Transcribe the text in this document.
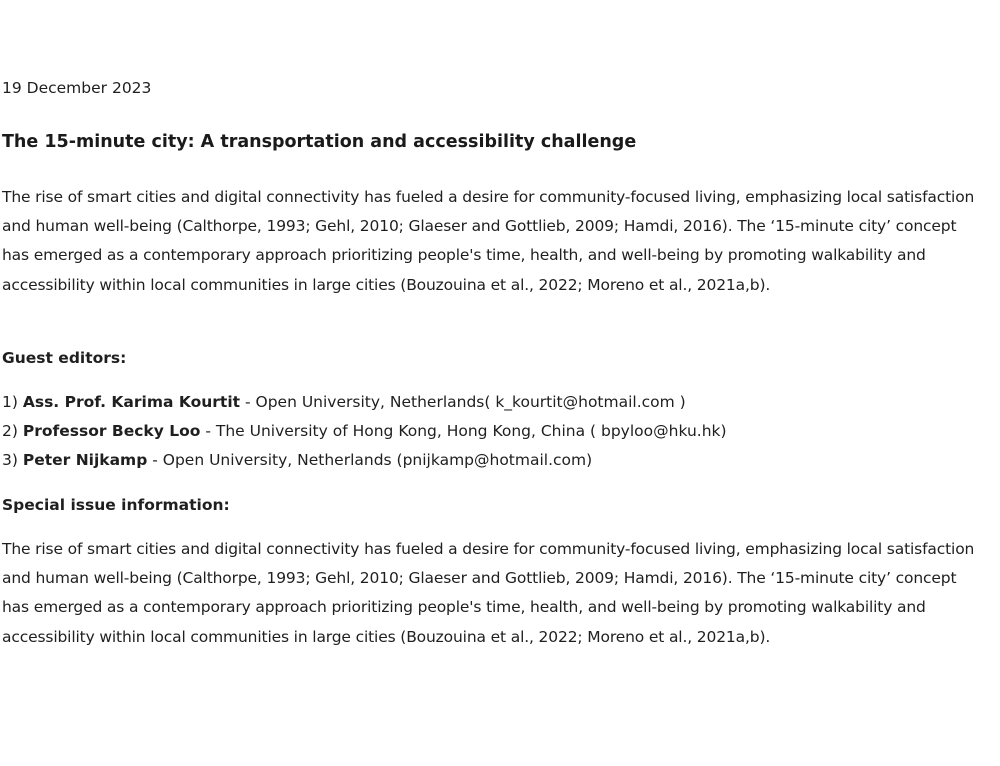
19 December 2023
The 15-minute city: A transportation and accessibility challenge

The rise of smart cities and digital connectivity has fueled a desire for community-focused living, emphasizing local satisfaction and human well-being (Calthorpe, 1993; Gehl, 2010; Glaeser and Gottlieb, 2009; Hamdi, 2016). The ‘15-minute city’ concept has emerged as a contemporary approach prioritizing people's time, health, and well-being by promoting walkability and accessibility within local communities in large cities (Bouzouina et al., 2022; Moreno et al., 2021a,b).

Guest editors:
1) Ass. Prof. Karima Kourtit - Open University, Netherlands( k_kourtit@hotmail.com )
2) Professor Becky Loo - The University of Hong Kong, Hong Kong, China ( bpyloo@hku.hk)
3) Peter Nijkamp - Open University, Netherlands (pnijkamp@hotmail.com)
Special issue information:

The rise of smart cities and digital connectivity has fueled a desire for community-focused living, emphasizing local satisfaction and human well-being (Calthorpe, 1993; Gehl, 2010; Glaeser and Gottlieb, 2009; Hamdi, 2016). The ‘15-minute city’ concept has emerged as a contemporary approach prioritizing people's time, health, and well-being by promoting walkability and accessibility within local communities in large cities (Bouzouina et al., 2022; Moreno et al., 2021a,b).
